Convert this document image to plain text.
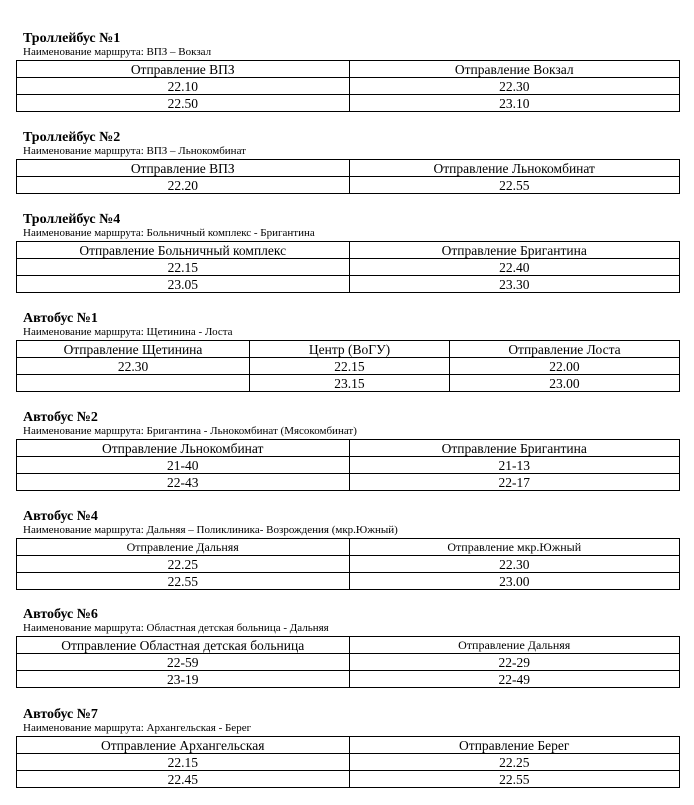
Троллейбус №1
Наименование маршрута: ВПЗ – Вокзал
Отправление ВПЗ	Отправление Вокзал
22.10	22.30
22.50	23.10
Троллейбус №2
Наименование маршрута: ВПЗ – Льнокомбинат
Отправление ВПЗ	Отправление Льнокомбинат
22.20	22.55
Троллейбус №4
Наименование маршрута: Больничный комплекс - Бригантина
Отправление Больничный комплекс	Отправление Бригантина
22.15	22.40
23.05	23.30
Автобус №1
Наименование маршрута: Щетинина - Лоста
Отправление Щетинина	Центр (ВоГУ)	Отправление Лоста
22.30	22.15	22.00
	23.15	23.00
Автобус №2
Наименование маршрута: Бригантина - Льнокомбинат (Мясокомбинат)
Отправление Льнокомбинат	Отправление Бригантина
21-40	21-13
22-43	22-17
Автобус №4
Наименование маршрута: Дальняя – Поликлиника- Возрождения (мкр.Южный)
Отправление Дальняя	Отправление мкр.Южный
22.25	22.30
22.55	23.00
Автобус №6
Наименование маршрута: Областная детская больница - Дальняя
Отправление Областная детская больница	Отправление Дальняя
22-59	22-29
23-19	22-49
Автобус №7
Наименование маршрута: Архангельская - Берег
Отправление Архангельская	Отправление Берег
22.15	22.25
22.45	22.55
